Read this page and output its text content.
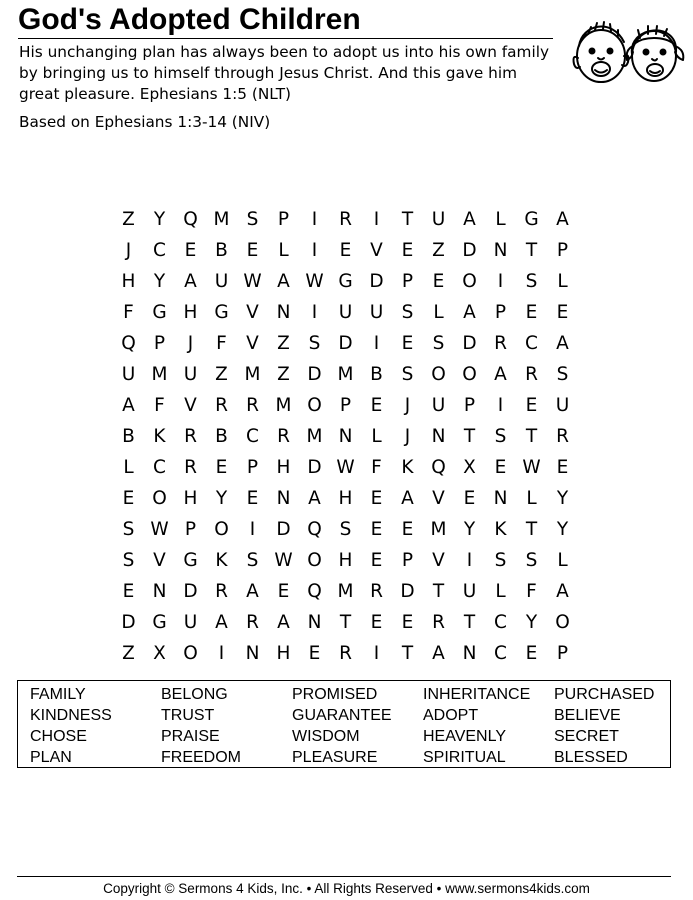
God's Adopted Children

His unchanging plan has always been to adopt us into his own family by bringing us to himself through Jesus Christ. And this gave him great pleasure. Ephesians 1:5 (NLT)

Based on Ephesians 1:3-14 (NIV)

Z	Y Q M S	P	I	R	I	T	U A	L	G A
J	C	E	B	E	L	I	E	V	E	Z D N T	P
H Y	A U W A W G D P	E O	I	S	L
F	G H G V N	I	U U S	L	A	P	E	E
Q P	J	F	V Z	S D	I	E	S D R C A
U M U Z M Z D M B	S O O A R	S
A	F	V R R M O P	E	J	U	P	I	E U
B	K	R B C R M N	L	J	N T	S	T	R
L	C R	E	P H D W F	K Q X	E W E
E O H Y	E N A H E	A V	E N	L	Y
S W P O	I	D Q S	E	E M Y	K	T	Y
S	V G K	S W O H E	P	V	I	S	S	L
E N D R A	E Q M R D T	U	L	F	A
D G U A R A N T	E	E	R	T	C	Y O
Z X O	I	N H E	R	I	T	A N C	E	P
FAMILY	BELONG	PROMISED	INHERITANCE	PURCHASED
KINDNESS	TRUST	GUARANTEE	ADOPT	BELIEVE
CHOSE	PRAISE	WISDOM	HEAVENLY	SECRET
PLAN	FREEDOM	PLEASURE	SPIRITUAL	BLESSED

Copyright © Sermons 4 Kids, Inc. • All Rights Reserved • www.sermons4kids.com
